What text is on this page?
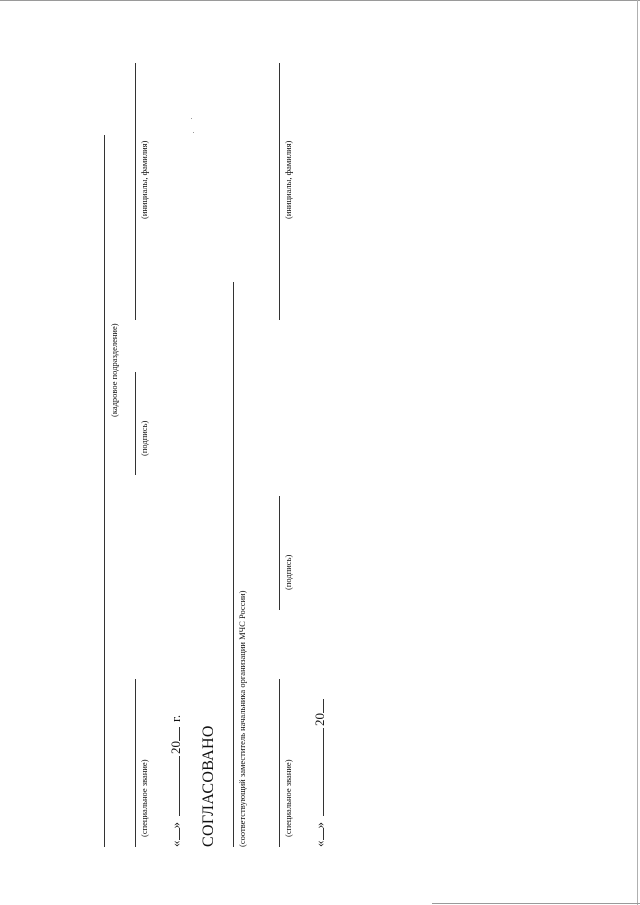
(кадровое подразделение)
(специальное звание)
(подпись)
(инициалы, фамилия)
«»20г.
СОГЛАСОВАНО (соответствующий заместитель начальника организации МЧС России)	(специальное звание)
(подпись)
(инициалы, фамилия)
«»20
